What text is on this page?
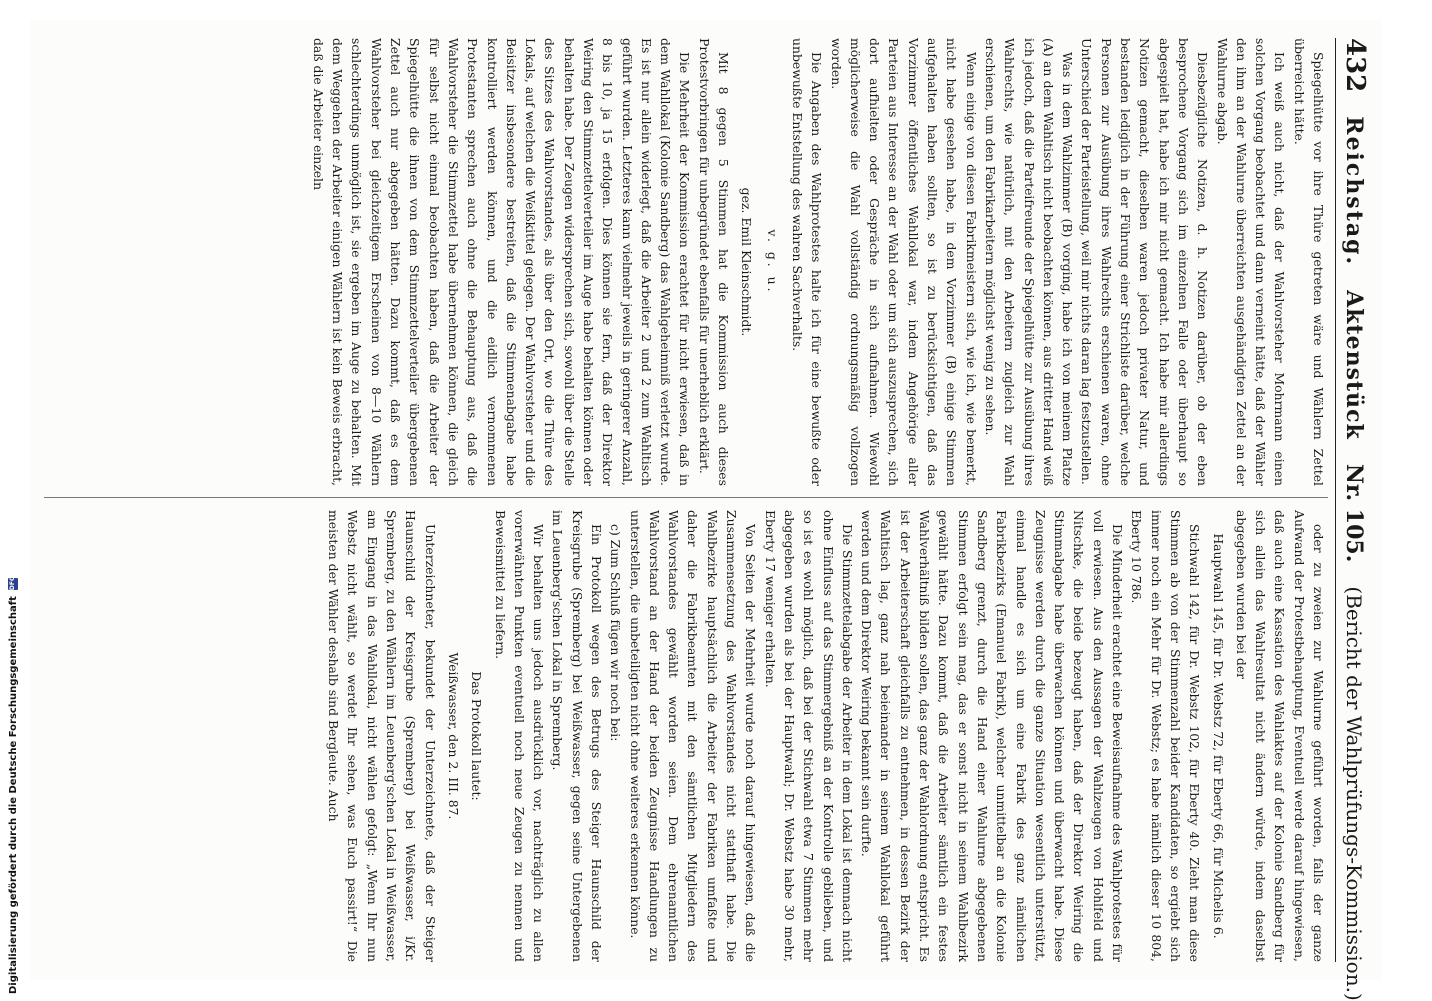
432
Reichstag.
Aktenstück
Nr. 105.
(Bericht der Wahlprüfungs-Kommission.)

Spiegelhütte vor ihre Thüre getreten wäre und Wählern Zettel überreicht hätte.

Ich weiß auch nicht, daß der Wahlvorsteher Mohrmann einen solchen Vorgang beobachtet und dann verneint hätte, daß der Wähler den ihm an der Wahlurne überreichten ausgehändigten Zettel an der Wahlurne abgab.

Diesbezügliche Notizen, d. h. Notizen darüber, ob der eben besprochene Vorgang sich im einzelnen Falle oder überhaupt so abgespielt hat, habe ich mir nicht gemacht. Ich habe mir allerdings Notizen gemacht, dieselben waren jedoch privater Natur, und bestanden lediglich in der Führung einer Strichliste darüber, welche Personen zur Ausübung ihres Wahlrechts erschienen waren, ohne Unterschied der Parteistellung, weil mir nichts daran lag festzustellen.

Was in dem Wahlzimmer (B) vorging, habe ich von meinem Platze (A) an dem Wahltisch nicht beobachten können, aus dritter Hand weiß ich jedoch, daß die Parteifreunde der Spiegelhütte zur Ausübung ihres Wahlrechts, wie natürlich, mit den Arbeitern zugleich zur Wahl erschienen, um den Fabrikarbeitern möglichst wenig zu sehen.

Wenn einige von diesen Fabrikmeistern sich, wie ich, wie bemerkt, nicht habe gesehen habe, in dem Vorzimmer (B) einige Stimmen aufgehalten haben sollten, so ist zu berücksichtigen, daß das Vorzimmer öffentliches Wahllokal war, indem Angehörige aller Parteien aus Interesse an der Wahl oder um sich auszusprechen, sich dort aufhielten oder Gespräche in sich aufnahmen. Wiewohl möglicherweise die Wahl vollständig ordnungsmäßig vollzogen worden.

Die Angaben des Wahlprotestes halte ich für eine bewußte oder unbewußte Entstellung des wahren Sachverhalts.

v. g. u.

gez. Emil Kleinschmidt.

Mit 8 gegen 5 Stimmen hat die Kommission auch dieses Protestvorbringen für unbegründet ebenfalls für unerheblich erklärt.

Die Mehrheit der Kommission erachtet für nicht erwiesen, daß in dem Wahllokal (Kolonie Sandberg) das Wahlgeheimniß verletzt wurde. Es ist nur allein widerlegt, daß die Arbeiter 2 und 2 zum Wahltisch geführt wurden. Letzteres kann vielmehr jeweils in geringerer Anzahl, 8 bis 10, ja 15 erfolgen. Dies können sie fern, daß der Direktor Weiring den Stimmzettelverteiler im Auge habe behalten können oder behalten habe. Der Zeugen widersprechen sich, sowohl über die Stelle des Sitzes des Wahlvorstandes, als über den Ort, wo die Thüre des Lokals, auf welchen die Weißkittel gelegen. Der Wahlvorsteher und die Beisitzer insbesondere bestreiten, daß die Stimmenabgabe habe kontrolliert werden können, und die eidlich vernommenen Protestanten sprechen auch ohne die Behauptung aus, daß die Wahlvorsteher die Stimmzettel habe übernehmen können, die gleich für selbst nicht einmal beobachten haben, daß die Arbeiter der Spiegelhütte die ihnen von dem Stimmzettelverteiler übergebenen Zettel auch nur abgegeben hätten. Dazu kommt, daß es dem Wahlvorsteher bei gleichzeitigem Erscheinen von 8—10 Wählern schlechterdings unmöglich ist, sie ergeben im Auge zu behalten. Mit dem Weggehen der Arbeiter einigen Wählern ist kein Beweis erbracht, daß die Arbeiter einzeln

oder zu zweien zur Wahlurne geführt worden, falls der ganze Aufwand der Protestbehauptung, Eventuell werde darauf hingewiesen, daß auch eine Kassation des Wahlaktes auf der Kolonie Sandberg für sich allein das Wahlresultat nicht ändern würde, indem daselbst abgegeben wurden bei der

Hauptwahl 145, für Dr. Webstz 72, für Eberty 66, für Michelis 6.

Stichwahl 142, für Dr. Webstz 102, für Eberty 40. Zieht man diese Stimmen ab von der Stimmenzahl beider Kandidaten, so ergiebt sich immer noch ein Mehr für Dr. Webstz; es habe nämlich dieser 10 804, Eberty 10 786.

Die Minderheit erachtet eine Beweisaufnahme des Wahlprotestes für voll erwiesen. Aus den Aussagen der Wahlzeugen von Hohlfeld und Nitschke, die beide bezeugt haben, daß der Direktor Weiring die Stimmabgabe habe überwachen können und überwacht habe. Diese Zeugnisse werden durch die ganze Situation wesentlich unterstützt, einmal handle es sich um eine Fabrik des ganz nämlichen Fabrikbezirks (Emanuel Fabrik), welcher unmittelbar an die Kolonie Sandberg grenzt, durch die Hand einer Wahlurne abgegebenen Stimmen erfolgt sein mag, das er sonst nicht in seinem Wahlbezirk gewählt hätte. Dazu kommt, daß die Arbeiter sämtlich ein festes Wahlverhältniß bilden sollen, das ganz der Wahlordnung entspricht. Es ist der Arbeiterschaft gleichfalls zu entnehmen, in dessen Bezirk der Wahltisch lag, ganz nah beieinander in seinem Wahllokal geführt werden und dem Direktor Weiring bekannt sein durfte.

Die Stimmzettelabgabe der Arbeiter in dem Lokal ist demnach nicht ohne Einfluss auf das Stimmergebniß an der Kontrolle geblieben, und so ist es wohl möglich, daß bei der Stichwahl etwa 7 Stimmen mehr abgegeben wurden als bei der Hauptwahl; Dr. Webstz habe 30 mehr, Eberty 17 weniger erhalten.

Von Seiten der Mehrheit wurde noch darauf hingewiesen, daß die Zusammensetzung des Wahlvorstandes nicht statthaft habe. Die Wahlbezirke hauptsächlich die Arbeiter der Fabriken umfaßte und daher die Fabrikbeamten mit den sämtlichen Mitgliedern des Wahlvorstandes gewählt worden seien. Dem ehrenamtlichen Wahlvorstand an der Hand der beiden Zeugnisse Handlungen zu unterstellen, die unbeteiligten nicht ohne weiteres erkennen könne.

c) Zum Schluß fügen wir noch bei:

Ein Protokoll wegen des Betrugs des Steiger Haunschild der Kreisgrube (Spremberg) bei Weißwasser, gegen seine Untergebenen im Leuenberg'schen Lokal in Spremberg.

Wir behalten uns jedoch ausdrücklich vor, nachträglich zu allen vorerwähnten Punkten eventuell noch neue Zeugen zu nennen und Beweismittel zu liefern.

Das Protokoll lautet:

Weißwasser, den 2. III. 87.

Unterzeichneter, bekundet der Unterzeichnete, daß der Steiger Haunschild der Kreisgrube (Spremberg) bei Weißwasser, i/Kr. Spremberg, zu den Wählern im Leuenberg'schen Lokal in Weißwasser, am Eingang in das Wahllokal, nicht wählen gefolgt: „Wenn Ihr nun Webstz nicht wählt, so werdet Ihr sehen, was Euch passirt!“ Die meisten der Wähler deshalb sind Bergleute. Auch

Digitalisierung gefördert durch die Deutsche Forschungsgemeinschaft
DFG
